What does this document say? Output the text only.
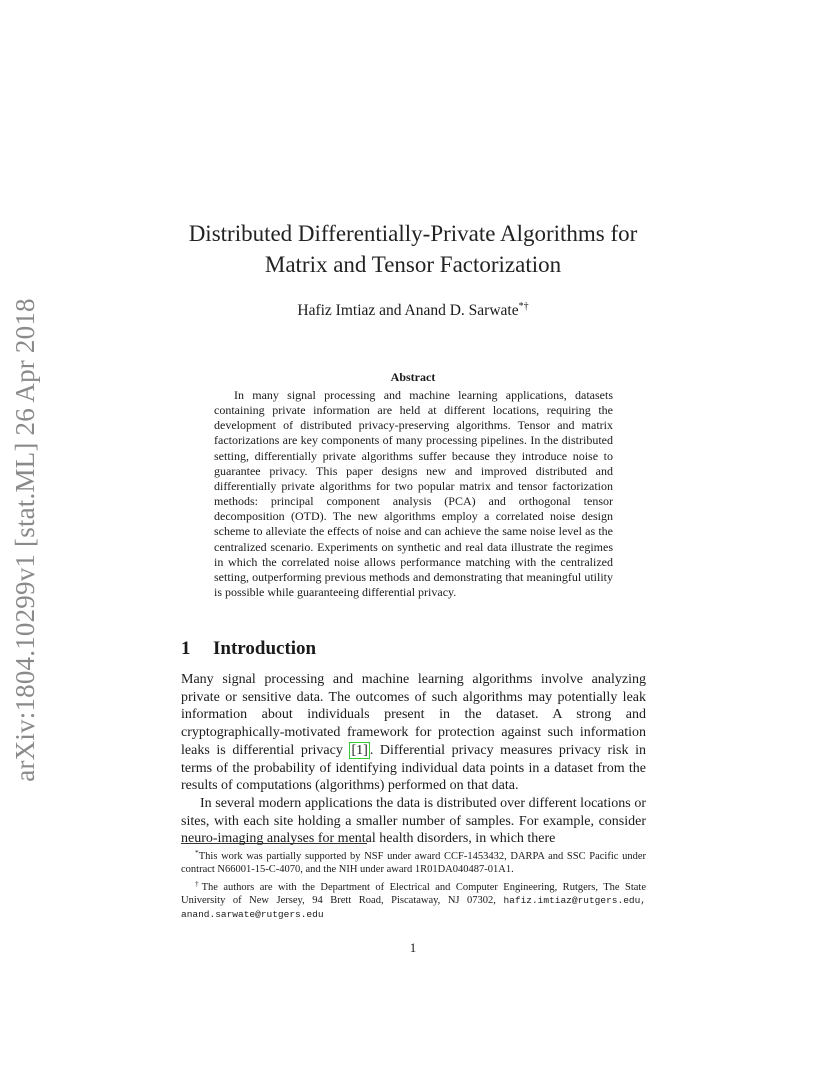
arXiv:1804.10299v1 [stat.ML] 26 Apr 2018
Distributed Differentially-Private Algorithms for
Matrix and Tensor Factorization
Hafiz Imtiaz and Anand D. Sarwate*†
Abstract
In many signal processing and machine learning applications, datasets containing private information are held at different locations, requiring the development of distributed privacy-preserving algorithms. Tensor and matrix factorizations are key components of many processing pipelines. In the distributed setting, differentially private algorithms suffer because they introduce noise to guarantee privacy. This paper designs new and improved distributed and differentially private algorithms for two popular matrix and tensor factorization methods: principal component analysis (PCA) and orthogonal tensor decomposition (OTD). The new algorithms employ a correlated noise design scheme to alleviate the effects of noise and can achieve the same noise level as the centralized scenario. Experiments on synthetic and real data illustrate the regimes in which the correlated noise allows performance matching with the centralized setting, outperforming previous methods and demonstrating that meaningful utility is possible while guaranteeing differential privacy.
1 Introduction

Many signal processing and machine learning algorithms involve analyzing private or sensitive data. The outcomes of such algorithms may potentially leak information about individuals present in the dataset. A strong and cryptographically-motivated framework for protection against such information leaks is differential privacy [1] . Differential privacy measures privacy risk in terms of the probability of identifying individual data points in a dataset from the results of computations (algorithms) performed on that data.

In several modern applications the data is distributed over different locations or sites, with each site holding a smaller number of samples. For example, consider neuro-imaging analyses for mental health disorders, in which there

*This work was partially supported by NSF under award CCF-1453432, DARPA and SSC Pacific under contract N66001-15-C-4070, and the NIH under award 1R01DA040487-01A1.

†The authors are with the Department of Electrical and Computer Engineering, Rutgers, The State University of New Jersey, 94 Brett Road, Piscataway, NJ 07302, hafiz.imtiaz@rutgers.edu, anand.sarwate@rutgers.edu

1
